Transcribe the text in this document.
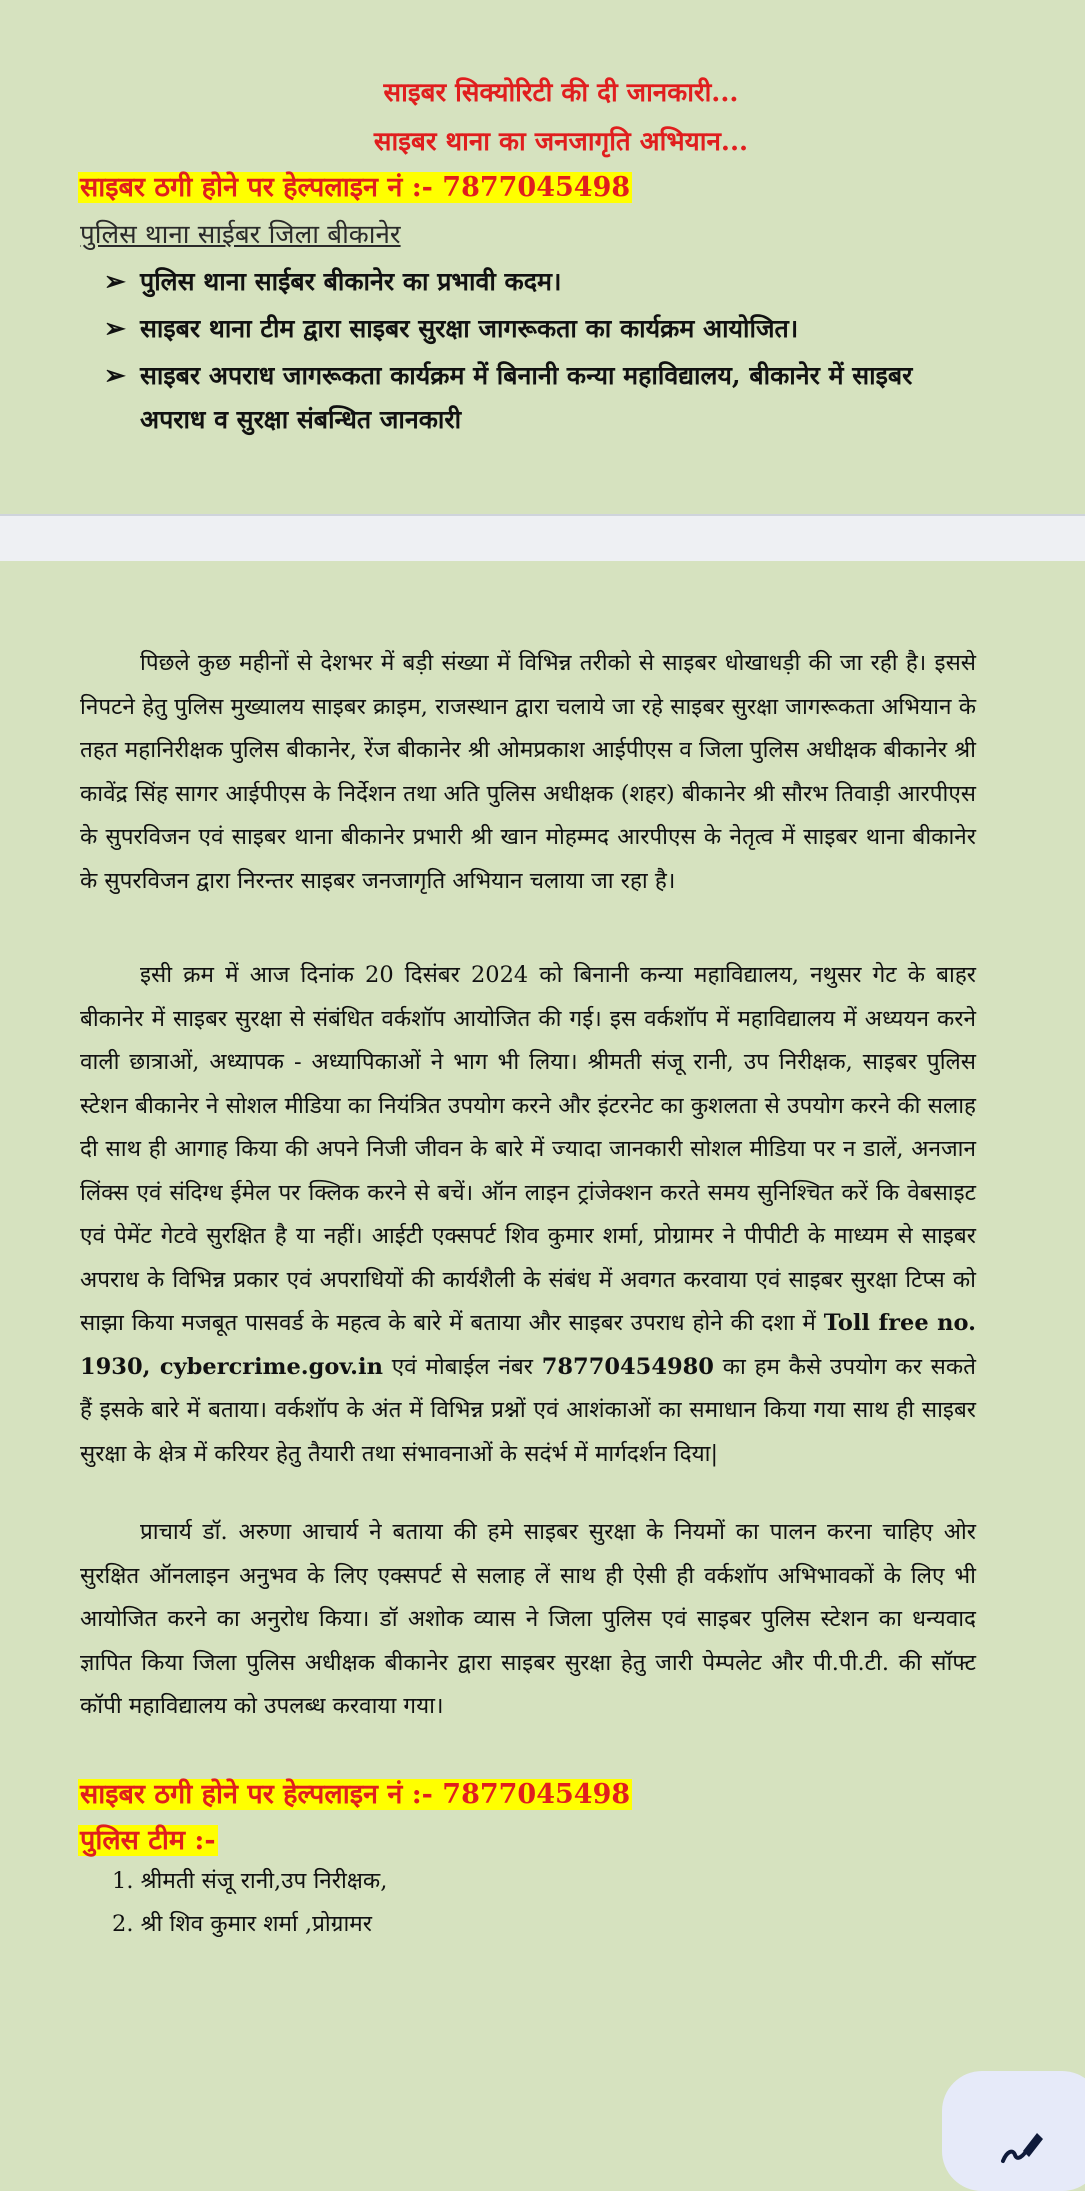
साइबर सिक्योरिटी की दी जानकारी...
साइबर थाना का जनजागृति अभियान...
साइबर ठगी होने पर हेल्पलाइन नं :- 7877045498
पुलिस थाना साईबर जिला बीकानेर
➢ पुलिस थाना साईबर बीकानेर का प्रभावी कदम।
➢ साइबर थाना टीम द्वारा साइबर सुरक्षा जागरूकता का कार्यक्रम आयोजित।
➢ साइबर अपराध जागरूकता कार्यक्रम में बिनानी कन्या महाविद्यालय, बीकानेर में साइबर अपराध व सुरक्षा संबन्धित जानकारी
पिछले कुछ महीनों से देशभर में बड़ी संख्या में विभिन्न तरीको से साइबर धोखाधड़ी की जा रही है। इससे निपटने हेतु पुलिस मुख्यालय साइबर क्राइम, राजस्थान द्वारा चलाये जा रहे साइबर सुरक्षा जागरूकता अभियान के तहत महानिरीक्षक पुलिस बीकानेर, रेंज बीकानेर श्री ओमप्रकाश आईपीएस व जिला पुलिस अधीक्षक बीकानेर श्री कावेंद्र सिंह सागर आईपीएस के निर्देशन तथा अति पुलिस अधीक्षक (शहर) बीकानेर श्री सौरभ तिवाड़ी आरपीएस के सुपरविजन एवं साइबर थाना बीकानेर प्रभारी श्री खान मोहम्मद आरपीएस के नेतृत्व में साइबर थाना बीकानेर के सुपरविजन द्वारा निरन्तर साइबर जनजागृति अभियान चलाया जा रहा है।
इसी क्रम में आज दिनांक 20 दिसंबर 2024 को बिनानी कन्या महाविद्यालय, नथुसर गेट के बाहर बीकानेर में साइबर सुरक्षा से संबंधित वर्कशॉप आयोजित की गई। इस वर्कशॉप में महाविद्यालय में अध्ययन करने वाली छात्राओं, अध्यापक - अध्यापिकाओं ने भाग भी लिया। श्रीमती संजू रानी, उप निरीक्षक, साइबर पुलिस स्टेशन बीकानेर ने सोशल मीडिया का नियंत्रित उपयोग करने और इंटरनेट का कुशलता से उपयोग करने की सलाह दी साथ ही आगाह किया की अपने निजी जीवन के बारे में ज्यादा जानकारी सोशल मीडिया पर न डालें, अनजान लिंक्स एवं संदिग्ध ईमेल पर क्लिक करने से बचें। ऑन लाइन ट्रांजेक्शन करते समय सुनिश्चित करें कि वेबसाइट एवं पेमेंट गेटवे सुरक्षित है या नहीं। आईटी एक्सपर्ट शिव कुमार शर्मा, प्रोग्रामर ने पीपीटी के माध्यम से साइबर अपराध के विभिन्न प्रकार एवं अपराधियों की कार्यशैली के संबंध में अवगत करवाया एवं साइबर सुरक्षा टिप्स को साझा किया मजबूत पासवर्ड के महत्व के बारे में बताया और साइबर उपराध होने की दशा में Toll free no. 1930, cybercrime.gov.in एवं मोबाईल नंबर 78770454980 का हम कैसे उपयोग कर सकते हैं इसके बारे में बताया। वर्कशॉप के अंत में विभिन्न प्रश्नों एवं आशंकाओं का समाधान किया गया साथ ही साइबर सुरक्षा के क्षेत्र में करियर हेतु तैयारी तथा संभावनाओं के सदंर्भ में मार्गदर्शन दिया|
प्राचार्य डॉ. अरुणा आचार्य ने बताया की हमे साइबर सुरक्षा के नियमों का पालन करना चाहिए ओर सुरक्षित ऑनलाइन अनुभव के लिए एक्सपर्ट से सलाह लें साथ ही ऐसी ही वर्कशॉप अभिभावकों के लिए भी आयोजित करने का अनुरोध किया। डॉ अशोक व्यास ने जिला पुलिस एवं साइबर पुलिस स्टेशन का धन्यवाद ज्ञापित किया जिला पुलिस अधीक्षक बीकानेर द्वारा साइबर सुरक्षा हेतु जारी पेम्पलेट और पी.पी.टी. की सॉफ्ट कॉपी महाविद्यालय को उपलब्ध करवाया गया।
साइबर ठगी होने पर हेल्पलाइन नं :- 7877045498
पुलिस टीम :-
1. श्रीमती संजू रानी,उप निरीक्षक,
2. श्री शिव कुमार शर्मा ,प्रोग्रामर
